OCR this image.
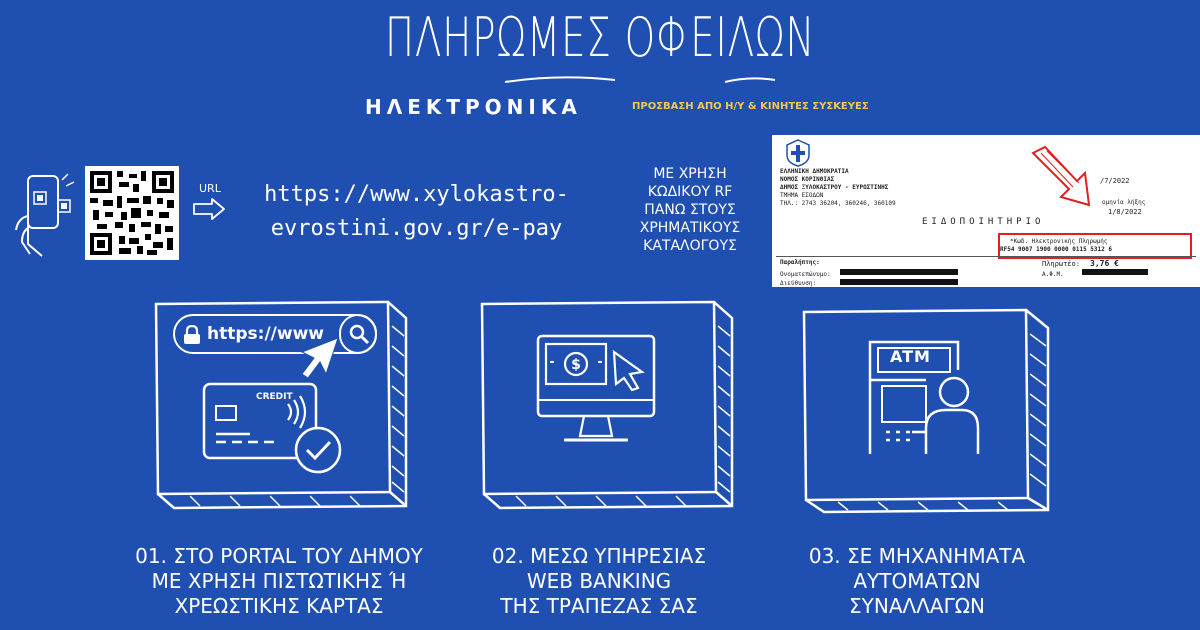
ΠΛΗΡΩΜΕΣ ΟΦΕΙΛΩΝ
ΗΛΕΚΤΡΟΝΙΚΑ	ΠΡΟΣΒΑΣΗ ΑΠΟ Η/Υ & ΚΙΝΗΤΕΣ ΣΥΣΚΕΥΕΣ
URL	https://www.xylokastro-
evrostini.gov.gr/e-pay
ΜΕ ΧΡΗΣΗ
ΚΩΔΙΚΟΥ RF
ΠΑΝΩ ΣΤΟΥΣ
ΧΡΗΜΑΤΙΚΟΥΣ
ΚΑΤΑΛΟΓΟΥΣ
ΕΛΛΗΝΙΚΗ ΔΗΜΟΚΡΑΤΙΑ
ΝΟΜΟΣ ΚΟΡΙΝΘΙΑΣ
ΔΗΜΟΣ ΞΥΛΟΚΑΣΤΡΟΥ - ΕΥΡΩΣΤΙΝΗΣ
ΤΜΗΜΑ ΕΣΟΔΩΝ
ΤΗΛ.: 2743 36204, 360246, 360109
/7/2022
ομηνία λήξης
1/8/2022
ΕΙΔΟΠΟΙΗΤΗΡΙΟ
*Κωδ. Ηλεκτρονικής Πληρωμής
RF54 9007 1900 0000 0115 5312 6
Πληρωτέο: 3,76 €
Παραλήπτης:
Ονοματεπώνυμο:	Α.Φ.Μ.
Διεύθυνση:
https://www
CREDIT
$	ATM
01. ΣΤΟ PORTAL ΤΟΥ ΔΗΜΟΥ
ΜΕ ΧΡΗΣΗ ΠΙΣΤΩΤΙΚΗΣ Ή
ΧΡΕΩΣΤΙΚΗΣ ΚΑΡΤΑΣ
02. ΜΕΣΩ ΥΠΗΡΕΣΙΑΣ
WEB BANKING
ΤΗΣ ΤΡΑΠΕΖΑΣ ΣΑΣ
03. ΣΕ ΜΗΧΑΝΗΜΑΤΑ
ΑΥΤΟΜΑΤΩΝ
ΣΥΝΑΛΛΑΓΩΝ
